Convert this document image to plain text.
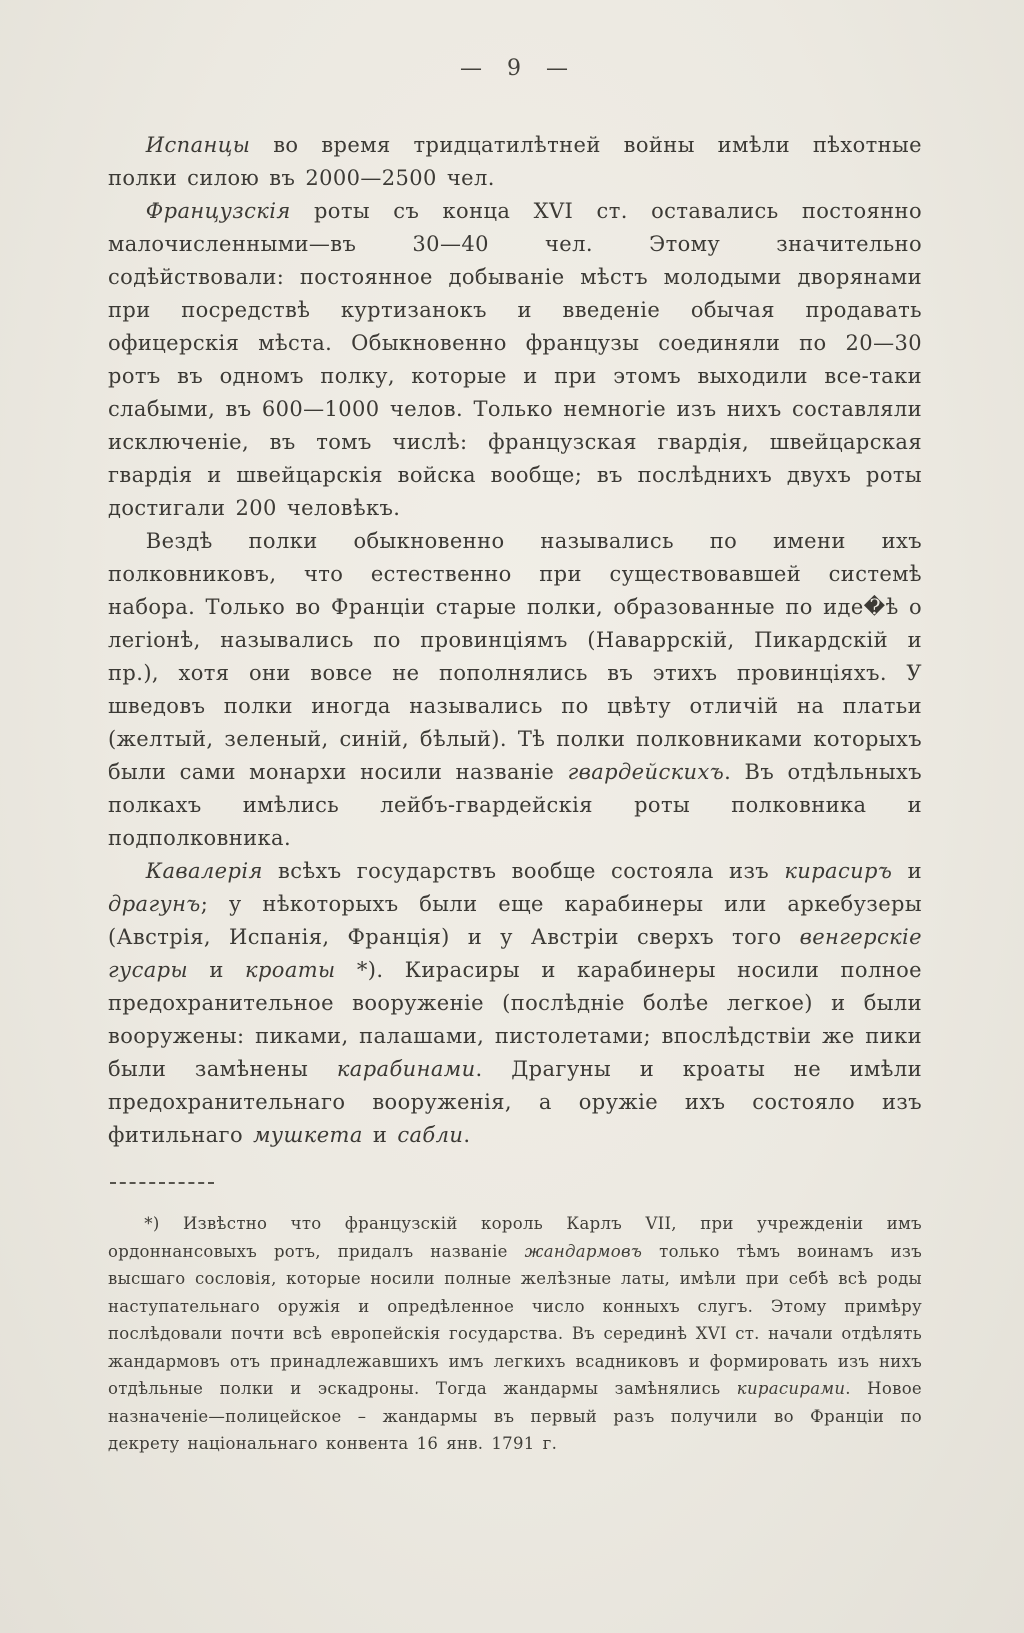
— 9 —

Испанцы во время тридцатилѣтней войны имѣли пѣхотные полки силою въ 2000—2500 чел.

Французскія роты съ конца XVI ст. оставались постоянно малочисленными—въ 30—40 чел. Этому значительно содѣйствовали: постоянное добываніе мѣстъ молодыми дворянами при посредствѣ куртизанокъ и введеніе обычая продавать офицерскія мѣста. Обыкновенно французы соединяли по 20—30 ротъ въ одномъ полку, которые и при этомъ выходили все-таки слабыми, въ 600—1000 челов. Только немногіе изъ нихъ составляли исключеніе, въ томъ числѣ: французская гвардія, швейцарская гвардія и швейцарскія войска вообще; въ послѣднихъ двухъ роты достигали 200 человѣкъ.

Вездѣ полки обыкновенно назывались по имени ихъ полковниковъ, что естественно при существовавшей системѣ набора. Только во Франціи старые полки, образованные по иде�ѣ о легіонѣ, назывались по провинціямъ (Наваррскій, Пикардскій и пр.), хотя они вовсе не пополнялись въ этихъ провинціяхъ. У шведовъ полки иногда назывались по цвѣту отличій на платьи (желтый, зеленый, синій, бѣлый). Тѣ полки полковниками которыхъ были сами монархи носили названіе гвардейскихъ. Въ отдѣльныхъ полкахъ имѣлись лейбъ-гвардейскія роты полковника и подполковника.

Кавалерія всѣхъ государствъ вообще состояла изъ кирасиръ и драгунъ; у нѣкоторыхъ были еще карабинеры или аркебузеры (Австрія, Испанія, Франція) и у Австріи сверхъ того венгерскіе гусары и кроаты *). Кирасиры и карабинеры носили полное предохранительное вооруженіе (послѣдніе болѣе легкое) и были вооружены: пиками, палашами, пистолетами; впослѣдствіи же пики были замѣнены карабинами. Драгуны и кроаты не имѣли предохранительнаго вооруженія, а оружіе ихъ состояло изъ фитильнаго мушкета и сабли.

*) Извѣстно что французскій король Карлъ VII, при учрежденіи имъ ордоннансовыхъ ротъ, придалъ названіе жандармовъ только тѣмъ воинамъ изъ высшаго сословія, которые носили полные желѣзные латы, имѣли при себѣ всѣ роды наступательнаго оружія и опредѣленное число конныхъ слугъ. Этому примѣру послѣдовали почти всѣ европейскія государства. Въ серединѣ XVI ст. начали отдѣлять жандармовъ отъ принадлежавшихъ имъ легкихъ всадниковъ и формировать изъ нихъ отдѣльные полки и эскадроны. Тогда жандармы замѣнялись кирасирами. Новое назначеніе—полицейское – жандармы въ первый разъ получили во Франціи по декрету національнаго конвента 16 янв. 1791 г.
